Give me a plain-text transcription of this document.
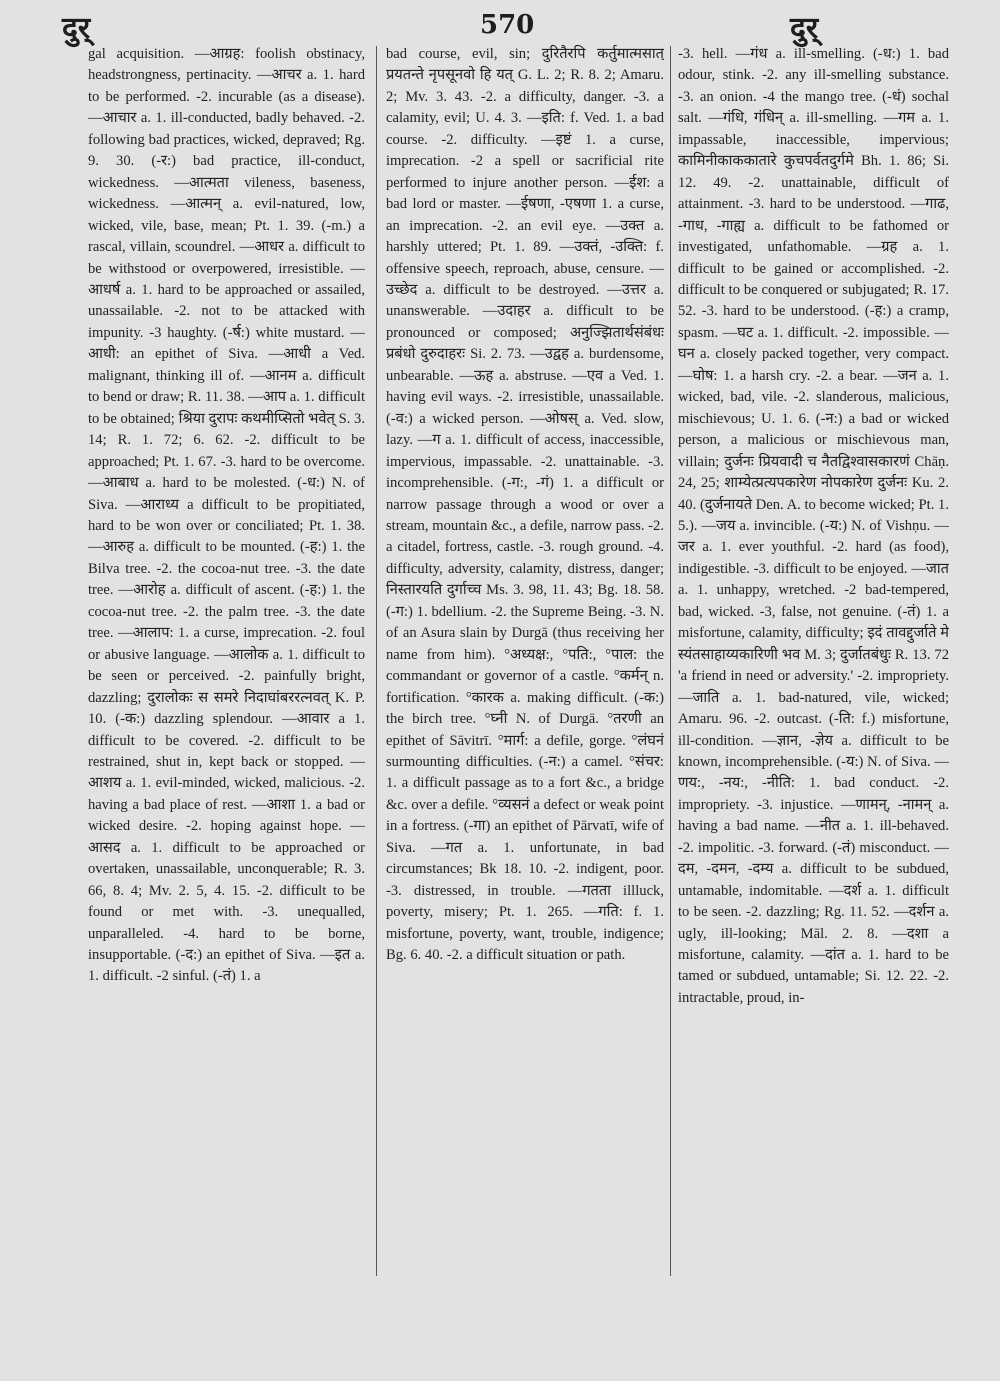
दुर्	570	दुर्

gal acquisition. —आग्रह: foolish obstinacy, headstrongness, pertinacity. —आचर a. 1. hard to be performed. -2. incurable (as a disease). —आचार a. 1. ill-conducted, badly behaved. -2. following bad practices, wicked, depraved; Rg. 9. 30. (-र:) bad practice, ill-conduct, wickedness. —आत्मता vileness, baseness, wickedness. —आत्मन् a. evil-natured, low, wicked, vile, base, mean; Pt. 1. 39. (-m.) a rascal, villain, scoundrel. —आधर a. difficult to be withstood or overpowered, irresistible. —आधर्ष a. 1. hard to be approached or assailed, unassailable. -2. not to be attacked with impunity. -3 haughty. (-र्ष:) white mustard. —आधी: an epithet of Siva. —आधी a Ved. malignant, thinking ill of. —आनम a. difficult to bend or draw; R. 11. 38. —आप a. 1. difficult to be obtained; श्रिया दुरापः कथमीप्सितो भवेत् S. 3. 14; R. 1. 72; 6. 62. -2. difficult to be approached; Pt. 1. 67. -3. hard to be overcome. —आबाध a. hard to be molested. (-ध:) N. of Siva. —आराध्य a difficult to be propitiated, hard to be won over or conciliated; Pt. 1. 38. —आरुह a. difficult to be mounted. (-ह:) 1. the Bilva tree. -2. the cocoa-nut tree. -3. the date tree. —आरोह a. difficult of ascent. (-ह:) 1. the cocoa-nut tree. -2. the palm tree. -3. the date tree. —आलाप: 1. a curse, imprecation. -2. foul or abusive language. —आलोक a. 1. difficult to be seen or perceived. -2. painfully bright, dazzling; दुरालोकः स समरे निदाघांबररत्नवत् K. P. 10. (-क:) dazzling splendour. —आवार a 1. difficult to be covered. -2. difficult to be restrained, shut in, kept back or stopped. —आशय a. 1. evil-minded, wicked, malicious. -2. having a bad place of rest. —आशा 1. a bad or wicked desire. -2. hoping against hope. —आसद a. 1. difficult to be approached or overtaken, unassailable, unconquerable; R. 3. 66, 8. 4; Mv. 2. 5, 4. 15. -2. difficult to be found or met with. -3. unequalled, unparalleled. -4. hard to be borne, insupportable. (-द:) an epithet of Siva. —इत a. 1. difficult. -2 sinful. (-तं) 1. a

bad course, evil, sin; दुरितैरपि कर्तुमात्मसात् प्रयतन्ते नृपसूनवो हि यत् G. L. 2; R. 8. 2; Amaru. 2; Mv. 3. 43. -2. a difficulty, danger. -3. a calamity, evil; U. 4. 3. —इति: f. Ved. 1. a bad course. -2. difficulty. —इष्टं 1. a curse, imprecation. -2 a spell or sacrificial rite performed to injure another person. —ईश: a bad lord or master. —ईषणा, -एषणा 1. a curse, an imprecation. -2. an evil eye. —उक्त a. harshly uttered; Pt. 1. 89. —उक्तं, -उक्ति: f. offensive speech, reproach, abuse, censure. —उच्छेद a. difficult to be destroyed. —उत्तर a. unanswerable. —उदाहर a. difficult to be pronounced or composed; अनुज्झितार्थसंबंधः प्रबंधो दुरुदाहरः Si. 2. 73. —उद्वह a. burdensome, unbearable. —ऊह a. abstruse. —एव a Ved. 1. having evil ways. -2. irresistible, unassailable. (-व:) a wicked person. —ओषस् a. Ved. slow, lazy. —ग a. 1. difficult of access, inaccessible, impervious, impassable. -2. unattainable. -3. incomprehensible. (-ग:, -गं) 1. a difficult or narrow passage through a wood or over a stream, mountain &c., a defile, narrow pass. -2. a citadel, fortress, castle. -3. rough ground. -4. difficulty, adversity, calamity, distress, danger; निस्तारयति दुर्गाच्च Ms. 3. 98, 11. 43; Bg. 18. 58. (-ग:) 1. bdellium. -2. the Supreme Being. -3. N. of an Asura slain by Durgā (thus receiving her name from him). °अध्यक्ष:, °पति:, °पाल: the commandant or governor of a castle. °कर्मन् n. fortification. °कारक a. making difficult. (-क:) the birch tree. °घ्नी N. of Durgā. °तरणी an epithet of Sāvitrī. °मार्ग: a defile, gorge. °लंघनं surmounting difficulties. (-न:) a camel. °संचर: 1. a difficult passage as to a fort &c., a bridge &c. over a defile. °व्यसनं a defect or weak point in a fortress. (-गा) an epithet of Pārvatī, wife of Siva. —गत a. 1. unfortunate, in bad circumstances; Bk 18. 10. -2. indigent, poor. -3. distressed, in trouble. —गतता illluck, poverty, misery; Pt. 1. 265. —गति: f. 1. misfortune, poverty, want, trouble, indigence; Bg. 6. 40. -2. a difficult situation or path.

-3. hell. —गंध a. ill-smelling. (-ध:) 1. bad odour, stink. -2. any ill-smelling substance. -3. an onion. -4 the mango tree. (-धं) sochal salt. —गंधि, गंधिन् a. ill-smelling. —गम a. 1. impassable, inaccessible, impervious; कामिनीकाककातारे कुचपर्वतदुर्गमे Bh. 1. 86; Si. 12. 49. -2. unattainable, difficult of attainment. -3. hard to be understood. —गाढ, -गाध, -गाह्य a. difficult to be fathomed or investigated, unfathomable. —ग्रह a. 1. difficult to be gained or accomplished. -2. difficult to be conquered or subjugated; R. 17. 52. -3. hard to be understood. (-ह:) a cramp, spasm. —घट a. 1. difficult. -2. impossible. —घन a. closely packed together, very compact. —घोष: 1. a harsh cry. -2. a bear. —जन a. 1. wicked, bad, vile. -2. slanderous, malicious, mischievous; U. 1. 6. (-न:) a bad or wicked person, a malicious or mischievous man, villain; दुर्जनः प्रियवादी च नैतद्विश्वासकारणं Chāṇ. 24, 25; शाम्येत्प्रत्यपकारेण नोपकारेण दुर्जनः Ku. 2. 40. (दुर्जनायते Den. A. to become wicked; Pt. 1. 5.). —जय a. invincible. (-य:) N. of Vishṇu. —जर a. 1. ever youthful. -2. hard (as food), indigestible. -3. difficult to be enjoyed. —जात a. 1. unhappy, wretched. -2 bad-tempered, bad, wicked. -3, false, not genuine. (-तं) 1. a misfortune, calamity, difficulty; इदं तावद्दुर्जाते मे स्यंतसाहाय्यकारिणी भव M. 3; दुर्जातबंधुः R. 13. 72 'a friend in need or adversity.' -2. impropriety. —जाति a. 1. bad-natured, vile, wicked; Amaru. 96. -2. outcast. (-ति: f.) misfortune, ill-condition. —ज्ञान, -ज्ञेय a. difficult to be known, incomprehensible. (-य:) N. of Siva. —णय:, -नय:, -नीति: 1. bad conduct. -2. impropriety. -3. injustice. —णामन्, -नामन् a. having a bad name. —नीत a. 1. ill-behaved. -2. impolitic. -3. forward. (-तं) misconduct. —दम, -दमन, -दम्य a. difficult to be subdued, untamable, indomitable. —दर्श a. 1. difficult to be seen. -2. dazzling; Rg. 11. 52. —दर्शन a. ugly, ill-looking; Māl. 2. 8. —दशा a misfortune, calamity. —दांत a. 1. hard to be tamed or subdued, untamable; Si. 12. 22. -2. intractable, proud, in-
